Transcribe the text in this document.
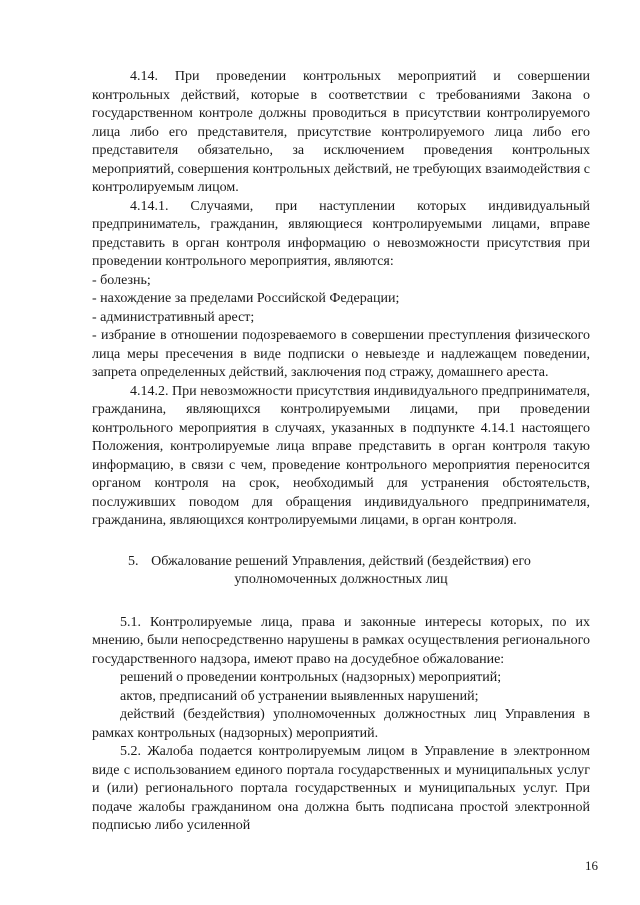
4.14. При проведении контрольных мероприятий и совершении контрольных действий, которые в соответствии с требованиями Закона о государственном контроле должны проводиться в присутствии контролируемого лица либо его представителя, присутствие контролируемого лица либо его представителя обязательно, за исключением проведения контрольных мероприятий, совершения контрольных действий, не требующих взаимодействия с контролируемым лицом.

4.14.1. Случаями, при наступлении которых индивидуальный предприниматель, гражданин, являющиеся контролируемыми лицами, вправе представить в орган контроля информацию о невозможности присутствия при проведении контрольного мероприятия, являются:

- болезнь;

- нахождение за пределами Российской Федерации;

- административный арест;

- избрание в отношении подозреваемого в совершении преступления физического лица меры пресечения в виде подписки о невыезде и надлежащем поведении, запрета определенных действий, заключения под стражу, домашнего ареста.

4.14.2. При невозможности присутствия индивидуального предпринимателя, гражданина, являющихся контролируемыми лицами, при проведении контрольного мероприятия в случаях, указанных в подпункте 4.14.1 настоящего Положения, контролируемые лица вправе представить в орган контроля такую информацию, в связи с чем, проведение контрольного мероприятия переносится органом контроля на срок, необходимый для устранения обстоятельств, послуживших поводом для обращения индивидуального предпринимателя, гражданина, являющихся контролируемыми лицами, в орган контроля.

5. Обжалование решений Управления, действий (бездействия) его
уполномоченных должностных лиц

5.1. Контролируемые лица, права и законные интересы которых, по их мнению, были непосредственно нарушены в рамках осуществления регионального государственного надзора, имеют право на досудебное обжалование:

решений о проведении контрольных (надзорных) мероприятий;

актов, предписаний об устранении выявленных нарушений;

действий (бездействия) уполномоченных должностных лиц Управления в рамках контрольных (надзорных) мероприятий.

5.2. Жалоба подается контролируемым лицом в Управление в электронном виде с использованием единого портала государственных и муниципальных услуг и (или) регионального портала государственных и муниципальных услуг. При подаче жалобы гражданином она должна быть подписана простой электронной подписью либо усиленной

16
